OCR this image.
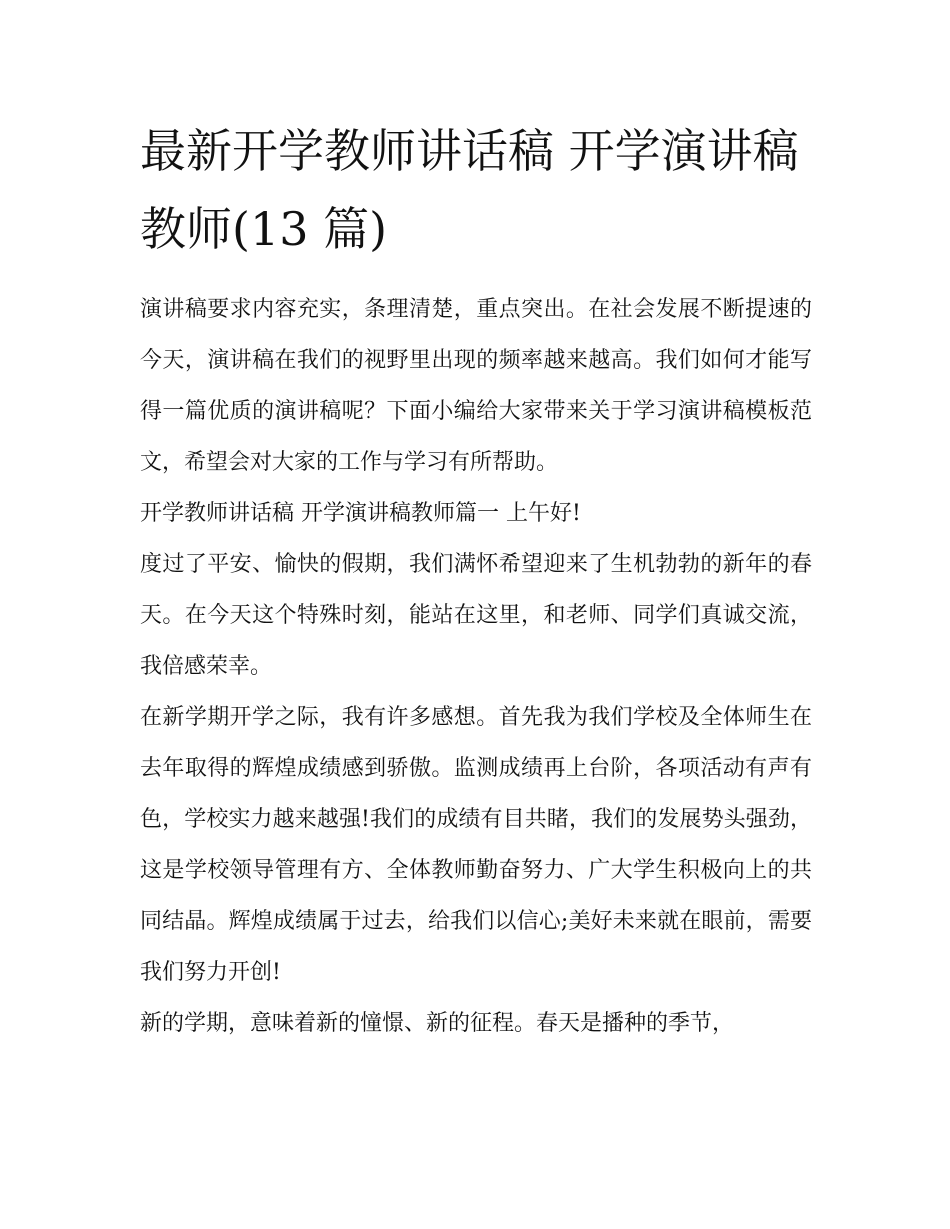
最新开学教师讲话稿 开学演讲稿教师(13 篇)

演讲稿要求内容充实，条理清楚，重点突出。在社会发展不断提速的今天，演讲稿在我们的视野里出现的频率越来越高。我们如何才能写得一篇优质的演讲稿呢？下面小编给大家带来关于学习演讲稿模板范文，希望会对大家的工作与学习有所帮助。

开学教师讲话稿 开学演讲稿教师篇一 上午好!

度过了平安、愉快的假期，我们满怀希望迎来了生机勃勃的新年的春天。在今天这个特殊时刻，能站在这里，和老师、同学们真诚交流，我倍感荣幸。

在新学期开学之际，我有许多感想。首先我为我们学校及全体师生在去年取得的辉煌成绩感到骄傲。监测成绩再上台阶，各项活动有声有色，学校实力越来越强!我们的成绩有目共睹，我们的发展势头强劲，这是学校领导管理有方、全体教师勤奋努力、广大学生积极向上的共同结晶。辉煌成绩属于过去，给我们以信心;美好未来就在眼前，需要我们努力开创!

新的学期，意味着新的憧憬、新的征程。春天是播种的季节，
